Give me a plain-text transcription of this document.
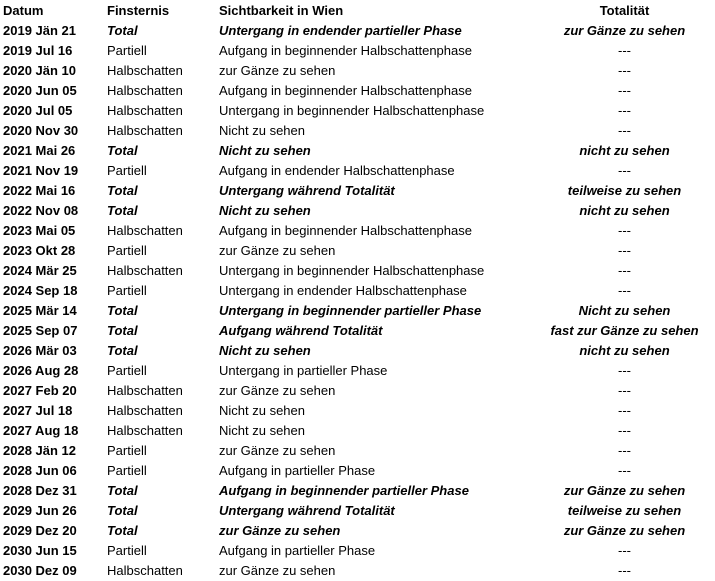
Datum	Finsternis	Sichtbarkeit in Wien	Totalität
2019 Jän 21	Total	Untergang in endender partieller Phase	zur Gänze zu sehen
2019 Jul 16	Partiell	Aufgang in beginnender Halbschattenphase	---
2020 Jän 10	Halbschatten	zur Gänze zu sehen	---
2020 Jun 05	Halbschatten	Aufgang in beginnender Halbschattenphase	---
2020 Jul 05	Halbschatten	Untergang in beginnender Halbschattenphase	---
2020 Nov 30	Halbschatten	Nicht zu sehen	---
2021 Mai 26	Total	Nicht zu sehen	nicht zu sehen
2021 Nov 19	Partiell	Aufgang in endender Halbschattenphase	---
2022 Mai 16	Total	Untergang während Totalität	teilweise zu sehen
2022 Nov 08	Total	Nicht zu sehen	nicht zu sehen
2023 Mai 05	Halbschatten	Aufgang in beginnender Halbschattenphase	---
2023 Okt 28	Partiell	zur Gänze zu sehen	---
2024 Mär 25	Halbschatten	Untergang in beginnender Halbschattenphase	---
2024 Sep 18	Partiell	Untergang in endender Halbschattenphase	---
2025 Mär 14	Total	Untergang in beginnender partieller Phase	Nicht zu sehen
2025 Sep 07	Total	Aufgang während Totalität	fast zur Gänze zu sehen
2026 Mär 03	Total	Nicht zu sehen	nicht zu sehen
2026 Aug 28	Partiell	Untergang in partieller Phase	---
2027 Feb 20	Halbschatten	zur Gänze zu sehen	---
2027 Jul 18	Halbschatten	Nicht zu sehen	---
2027 Aug 18	Halbschatten	Nicht zu sehen	---
2028 Jän 12	Partiell	zur Gänze zu sehen	---
2028 Jun 06	Partiell	Aufgang in partieller Phase	---
2028 Dez 31	Total	Aufgang in beginnender partieller Phase	zur Gänze zu sehen
2029 Jun 26	Total	Untergang während Totalität	teilweise zu sehen
2029 Dez 20	Total	zur Gänze zu sehen	zur Gänze zu sehen
2030 Jun 15	Partiell	Aufgang in partieller Phase	---
2030 Dez 09	Halbschatten	zur Gänze zu sehen	---
